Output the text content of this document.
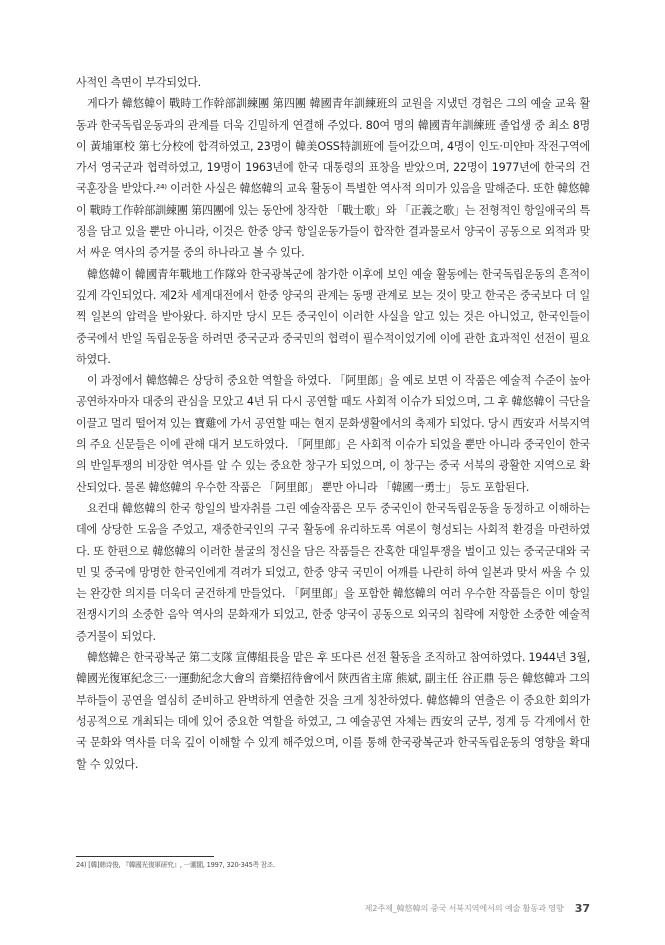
사적인 측면이 부각되었다.

게다가 韓悠韓이 戰時工作幹部訓練團 第四團 韓國青年訓練班의 교원을 지냈던 경험은 그의 예술 교육 활동과 한국독립운동과의 관계를 더욱 긴밀하게 연결해 주었다. 80여 명의 韓國青年訓練班 졸업생 중 최소 8명이 黃埔軍校 第七分校에 합격하였고, 23명이 韓美OSS特訓班에 들어갔으며, 4명이 인도·미얀마 작전구역에 가서 영국군과 협력하였고, 19명이 1963년에 한국 대통령의 표창을 받았으며, 22명이 1977년에 한국의 건국훈장을 받았다.²⁴⁾ 이러한 사실은 韓悠韓의 교육 활동이 특별한 역사적 의미가 있음을 말해준다. 또한 韓悠韓이 戰時工作幹部訓練團 第四團에 있는 동안에 창작한 「戰士歌」와 「正義之歌」는 전형적인 항일애국의 특징을 담고 있을 뿐만 아니라, 이것은 한중 양국 항일운동가들이 합작한 결과물로서 양국이 공동으로 외적과 맞서 싸운 역사의 증거물 중의 하나라고 볼 수 있다.

韓悠韓이 韓國青年戰地工作隊와 한국광복군에 참가한 이후에 보인 예술 활동에는 한국독립운동의 흔적이 깊게 각인되었다. 제2차 세계대전에서 한중 양국의 관계는 동맹 관계로 보는 것이 맞고 한국은 중국보다 더 일찍 일본의 압력을 받아왔다. 하지만 당시 모든 중국인이 이러한 사실을 알고 있는 것은 아니었고, 한국인들이 중국에서 반일 독립운동을 하려면 중국군과 중국민의 협력이 필수적이었기에 이에 관한 효과적인 선전이 필요하였다.

이 과정에서 韓悠韓은 상당히 중요한 역할을 하였다. 「阿里郎」을 예로 보면 이 작품은 예술적 수준이 높아 공연하자마자 대중의 관심을 모았고 4년 뒤 다시 공연할 때도 사회적 이슈가 되었으며, 그 후 韓悠韓이 극단을 이끌고 멀리 떨어져 있는 寶雞에 가서 공연할 때는 현지 문화생활에서의 축제가 되었다. 당시 西安과 서북지역의 주요 신문들은 이에 관해 대거 보도하였다. 「阿里郎」은 사회적 이슈가 되었을 뿐만 아니라 중국인이 한국의 반일투쟁의 비장한 역사를 알 수 있는 중요한 창구가 되었으며, 이 창구는 중국 서북의 광활한 지역으로 확산되었다. 물론 韓悠韓의 우수한 작품은 「阿里郎」 뿐만 아니라 「韓國一勇士」 등도 포함된다.

요컨대 韓悠韓의 한국 항일의 발자취를 그린 예술작품은 모두 중국인이 한국독립운동을 동정하고 이해하는 데에 상당한 도움을 주었고, 재중한국인의 구국 활동에 유리하도록 여론이 형성되는 사회적 환경을 마련하였다. 또 한편으로 韓悠韓의 이러한 불굴의 정신을 담은 작품들은 잔혹한 대일투쟁을 벌이고 있는 중국군대와 국민 및 중국에 망명한 한국인에게 격려가 되었고, 한중 양국 국민이 어깨를 나란히 하여 일본과 맞서 싸울 수 있는 완강한 의지를 더욱더 굳건하게 만들었다. 「阿里郎」을 포함한 韓悠韓의 여러 우수한 작품들은 이미 항일전쟁시기의 소중한 음악 역사의 문화재가 되었고, 한중 양국이 공동으로 외국의 침략에 저항한 소중한 예술적 증거물이 되었다.

韓悠韓은 한국광복군 第二支隊 宣傳組長을 맡은 후 또다른 선전 활동을 조직하고 참여하였다. 1944년 3월, 韓國光復軍紀念三·一運動紀念大會의 音樂招待會에서 陝西省主席 熊斌, 副主任 谷正鼎 등은 韓悠韓과 그의 부하들이 공연을 열심히 준비하고 완벽하게 연출한 것을 크게 칭찬하였다. 韓悠韓의 연출은 이 중요한 회의가 성공적으로 개최되는 데에 있어 중요한 역할을 하였고, 그 예술공연 자체는 西安의 군부, 정계 등 각계에서 한국 문화와 역사를 더욱 깊이 이해할 수 있게 해주었으며, 이를 통해 한국광복군과 한국독립운동의 영향을 확대할 수 있었다.

24) [韓]韩诗俊, 『韓國光復軍研究』, 一潮閣, 1997, 320-345쪽 참조.
제2주제_韓悠韓의 중국 서북지역에서의 예술 활동과 영향 37
